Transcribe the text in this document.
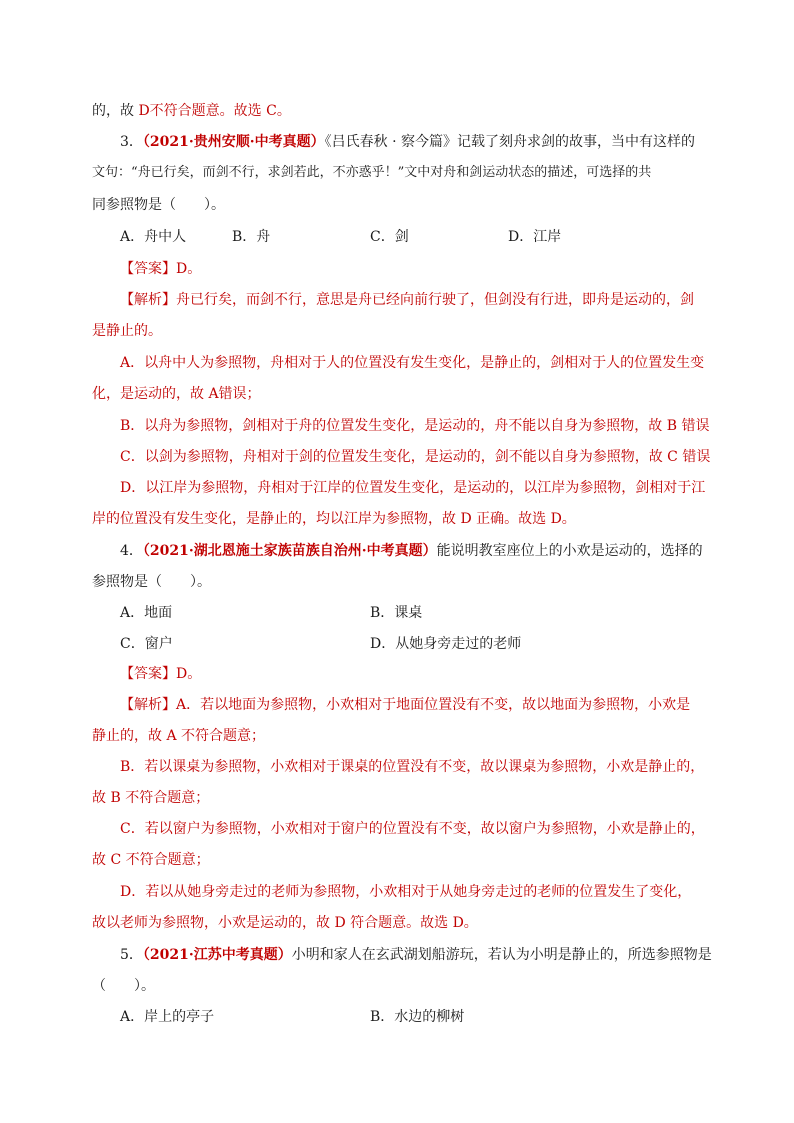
的，故 D不符合题意。故选 C。
3．（2021·贵州安顺·中考真题）《吕氏春秋 · 察今篇》记载了刻舟求剑的故事，当中有这样的
文句：“舟已行矣，而剑不行，求剑若此，不亦惑乎！”文中对舟和剑运动状态的描述，可选择的共
同参照物是（　　）。
A．舟中人	B．舟	C．剑	D．江岸
【答案】D。
【解析】舟已行矣，而剑不行，意思是舟已经向前行驶了，但剑没有行进，即舟是运动的，剑
是静止的。
A．以舟中人为参照物，舟相对于人的位置没有发生变化，是静止的，剑相对于人的位置发生变
化，是运动的，故 A错误；
B．以舟为参照物，剑相对于舟的位置发生变化，是运动的，舟不能以自身为参照物，故 B 错误
C．以剑为参照物，舟相对于剑的位置发生变化，是运动的，剑不能以自身为参照物，故 C 错误
D．以江岸为参照物，舟相对于江岸的位置发生变化，是运动的，以江岸为参照物，剑相对于江
岸的位置没有发生变化，是静止的，均以江岸为参照物，故 D 正确。故选 D。
4．（2021·湖北恩施土家族苗族自治州·中考真题）能说明教室座位上的小欢是运动的，选择的
参照物是（　　）。
A．地面	B．课桌
C．窗户	D．从她身旁走过的老师
【答案】D。
【解析】A．若以地面为参照物，小欢相对于地面位置没有不变，故以地面为参照物，小欢是
静止的，故 A 不符合题意；
B．若以课桌为参照物，小欢相对于课桌的位置没有不变，故以课桌为参照物，小欢是静止的，
故 B 不符合题意；
C．若以窗户为参照物，小欢相对于窗户的位置没有不变，故以窗户为参照物，小欢是静止的，
故 C 不符合题意；
D．若以从她身旁走过的老师为参照物，小欢相对于从她身旁走过的老师的位置发生了变化，
故以老师为参照物，小欢是运动的，故 D 符合题意。故选 D。
5．（2021·江苏中考真题）小明和家人在玄武湖划船游玩，若认为小明是静止的，所选参照物是
（　　）。
A．岸上的亭子	B．水边的柳树
